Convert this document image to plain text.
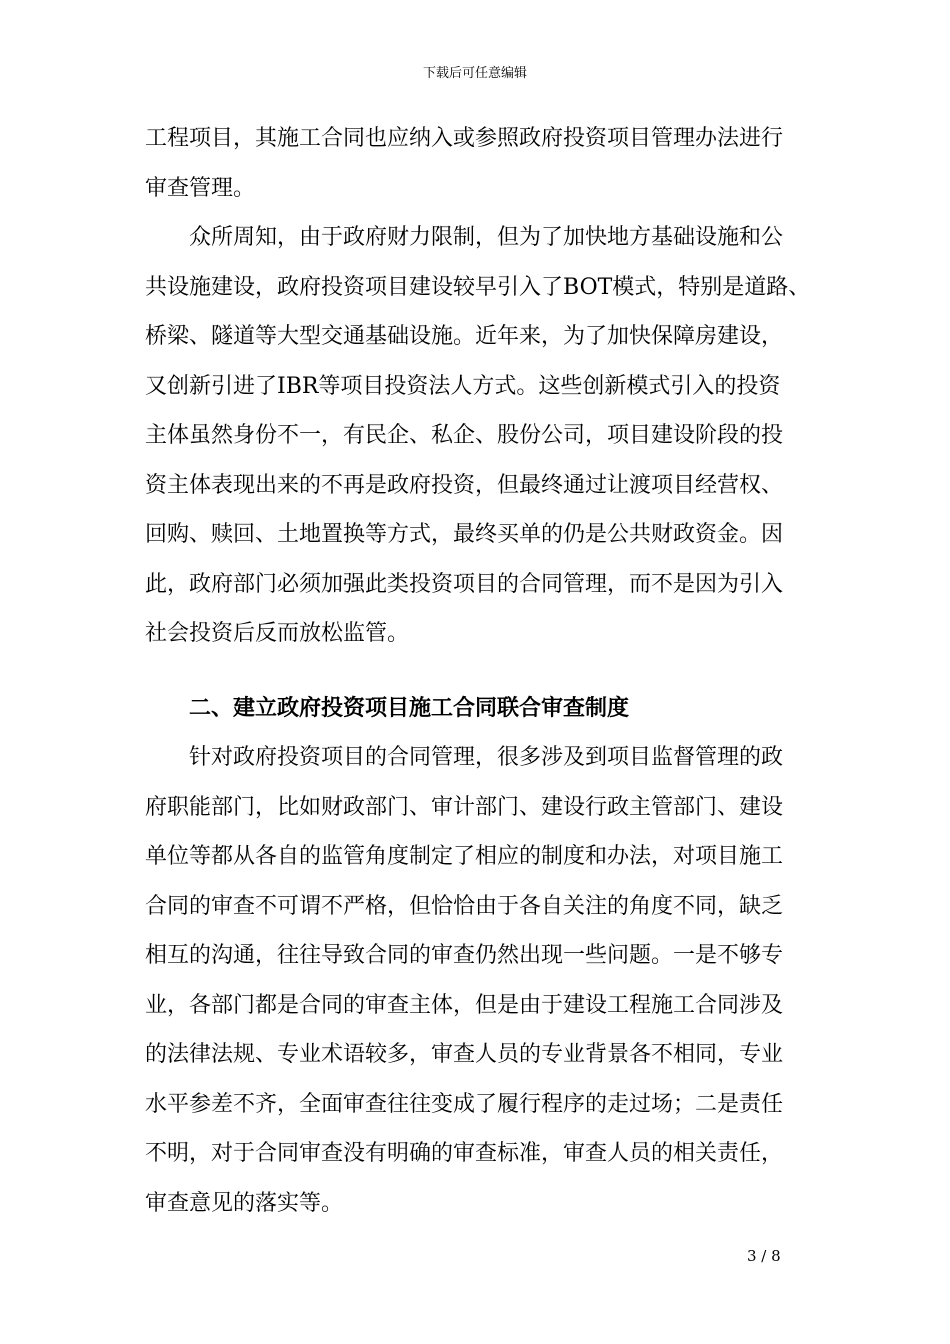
下载后可任意编辑
工程项目，其施工合同也应纳入或参照政府投资项目管理办法进行
审查管理。
众所周知，由于政府财力限制，但为了加快地方基础设施和公
共设施建设，政府投资项目建设较早引入了BOT模式，特别是道路、
桥梁、隧道等大型交通基础设施。近年来，为了加快保障房建设，
又创新引进了IBR等项目投资法人方式。这些创新模式引入的投资
主体虽然身份不一，有民企、私企、股份公司，项目建设阶段的投
资主体表现出来的不再是政府投资，但最终通过让渡项目经营权、
回购、赎回、土地置换等方式，最终买单的仍是公共财政资金。因
此，政府部门必须加强此类投资项目的合同管理，而不是因为引入
社会投资后反而放松监管。
二、建立政府投资项目施工合同联合审查制度
针对政府投资项目的合同管理，很多涉及到项目监督管理的政
府职能部门，比如财政部门、审计部门、建设行政主管部门、建设
单位等都从各自的监管角度制定了相应的制度和办法，对项目施工
合同的审查不可谓不严格，但恰恰由于各自关注的角度不同，缺乏
相互的沟通，往往导致合同的审查仍然出现一些问题。一是不够专
业，各部门都是合同的审查主体，但是由于建设工程施工合同涉及
的法律法规、专业术语较多，审查人员的专业背景各不相同，专业
水平参差不齐，全面审查往往变成了履行程序的走过场；二是责任
不明，对于合同审查没有明确的审查标准，审查人员的相关责任，
审查意见的落实等。
3 / 8
